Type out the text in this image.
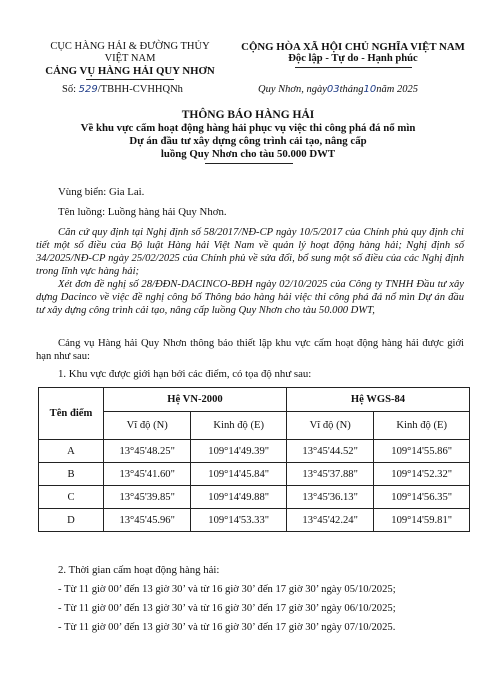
CỤC HÀNG HẢI & ĐƯỜNG THỦY
VIỆT NAM
CẢNG VỤ HÀNG HẢI QUY NHƠN
Số: 529/TBHH-CVHHQNh
CỘNG HÒA XÃ HỘI CHỦ NGHĨA VIỆT NAM
Độc lập - Tự do - Hạnh phúc
Quy Nhơn, ngày03tháng10năm 2025
THÔNG BÁO HÀNG HẢI
Về khu vực cấm hoạt động hàng hải phục vụ việc thi công phá đá nổ mìn
Dự án đầu tư xây dựng công trình cải tạo, nâng cấp
luồng Quy Nhơn cho tàu 50.000 DWT
Vùng biển: Gia Lai.
Tên luồng: Luồng hàng hải Quy Nhơn.
Căn cứ quy định tại Nghị định số 58/2017/NĐ-CP ngày 10/5/2017 của Chính phủ quy định chi tiết một số điều của Bộ luật Hàng hải Việt Nam về quản lý hoạt động hàng hải; Nghị định số 34/2025/NĐ-CP ngày 25/02/2025 của Chính phủ về sửa đổi, bổ sung một số điều của các Nghị định trong lĩnh vực hàng hải;
Xét đơn đề nghị số 28/ĐĐN-DACINCO-BĐH ngày 02/10/2025 của Công ty TNHH Đầu tư xây dựng Dacinco về việc đề nghị công bố Thông báo hàng hải việc thi công phá đá nổ mìn Dự án đầu tư xây dựng công trình cải tạo, nâng cấp luồng Quy Nhơn cho tàu 50.000 DWT,
Cảng vụ Hàng hải Quy Nhơn thông báo thiết lập khu vực cấm hoạt động hàng hải được giới hạn như sau:
1. Khu vực được giới hạn bởi các điểm, có tọa độ như sau:
Tên điểm	Hệ VN-2000		Hệ WGS-84	
	Vĩ độ (N)	Kinh độ (E)	Vĩ độ (N)	Kinh độ (E)
A	13°45'48.25"	109°14'49.39"	13°45'44.52"	109°14'55.86"
B	13°45'41.60"	109°14'45.84"	13°45'37.88"	109°14'52.32"
C	13°45'39.85"	109°14'49.88"	13°45'36.13"	109°14'56.35"
D	13°45'45.96"	109°14'53.33"	13°45'42.24"	109°14'59.81"
2. Thời gian cấm hoạt động hàng hải:
- Từ 11 giờ 00’ đến 13 giờ 30’ và từ 16 giờ 30’ đến 17 giờ 30’ ngày 05/10/2025;
- Từ 11 giờ 00’ đến 13 giờ 30’ và từ 16 giờ 30’ đến 17 giờ 30’ ngày 06/10/2025;
- Từ 11 giờ 00’ đến 13 giờ 30’ và từ 16 giờ 30’ đến 17 giờ 30’ ngày 07/10/2025.
